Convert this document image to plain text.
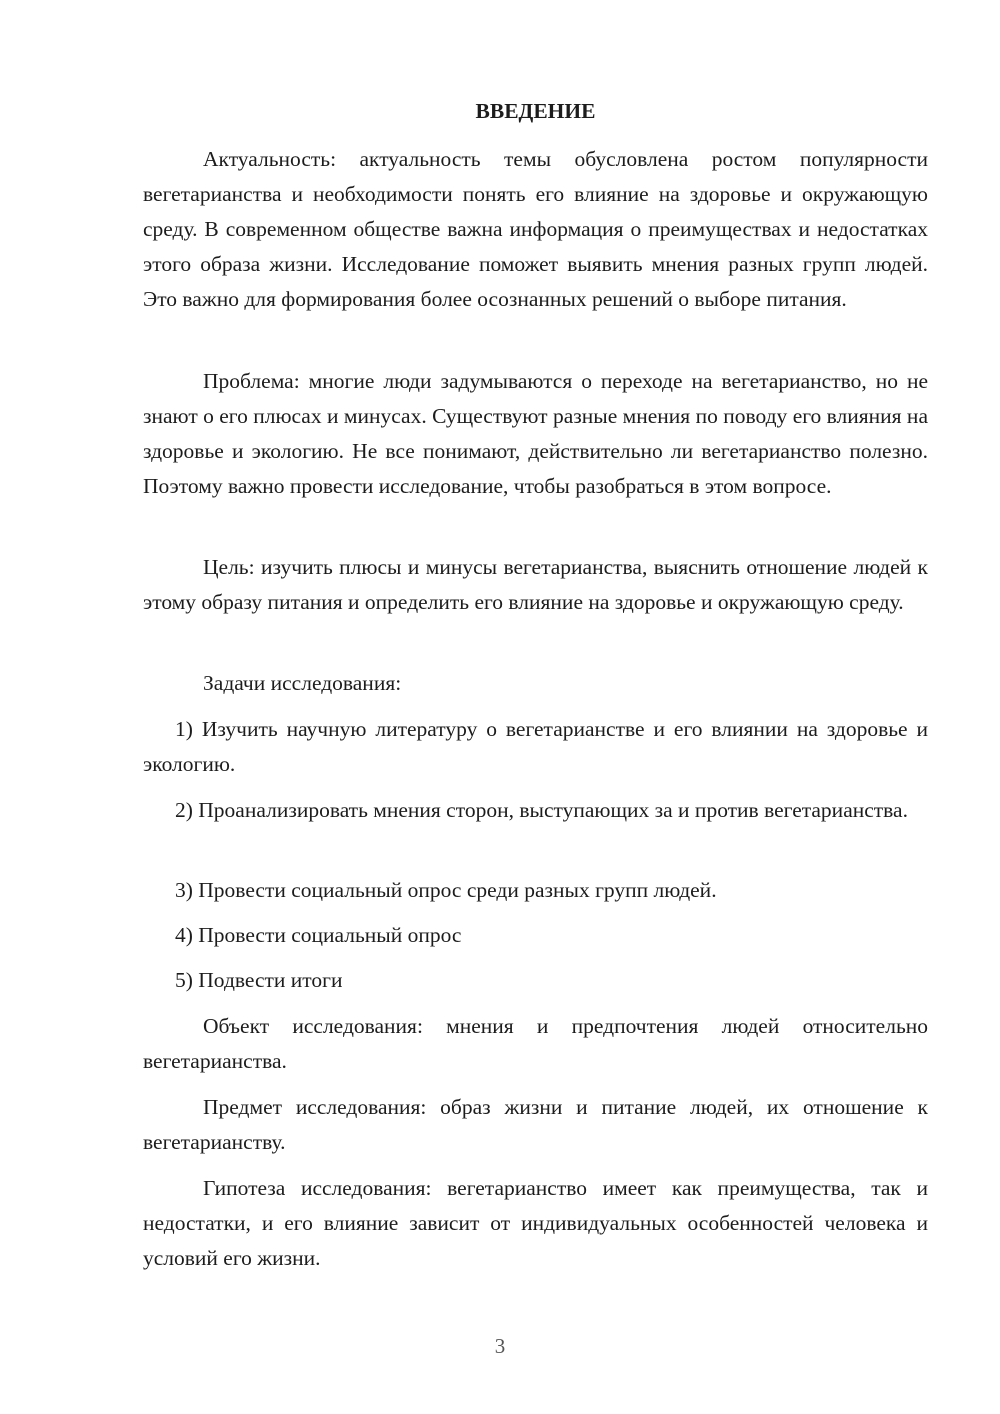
ВВЕДЕНИЕ

Актуальность: актуальность темы обусловлена ростом популярности вегетарианства и необходимости понять его влияние на здоровье и окружающую среду. В современном обществе важна информация о преимуществах и недостатках этого образа жизни. Исследование поможет выявить мнения разных групп людей. Это важно для формирования более осознанных решений о выборе питания.

Проблема: многие люди задумываются о переходе на вегетарианство, но не знают о его плюсах и минусах. Существуют разные мнения по поводу его влияния на здоровье и экологию. Не все понимают, действительно ли вегетарианство полезно. Поэтому важно провести исследование, чтобы разобраться в этом вопросе.

Цель: изучить плюсы и минусы вегетарианства, выяснить отношение людей к этому образу питания и определить его влияние на здоровье и окружающую среду.

Задачи исследования:

1) Изучить научную литературу о вегетарианстве и его влиянии на здоровье и экологию.

2) Проанализировать мнения сторон, выступающих за и против вегетарианства.

3) Провести социальный опрос среди разных групп людей.

4) Провести социальный опрос

5) Подвести итоги

Объект исследования: мнения и предпочтения людей относительно вегетарианства.

Предмет исследования: образ жизни и питание людей, их отношение к вегетарианству.

Гипотеза исследования: вегетарианство имеет как преимущества, так и недостатки, и его влияние зависит от индивидуальных особенностей человека и условий его жизни.

3
